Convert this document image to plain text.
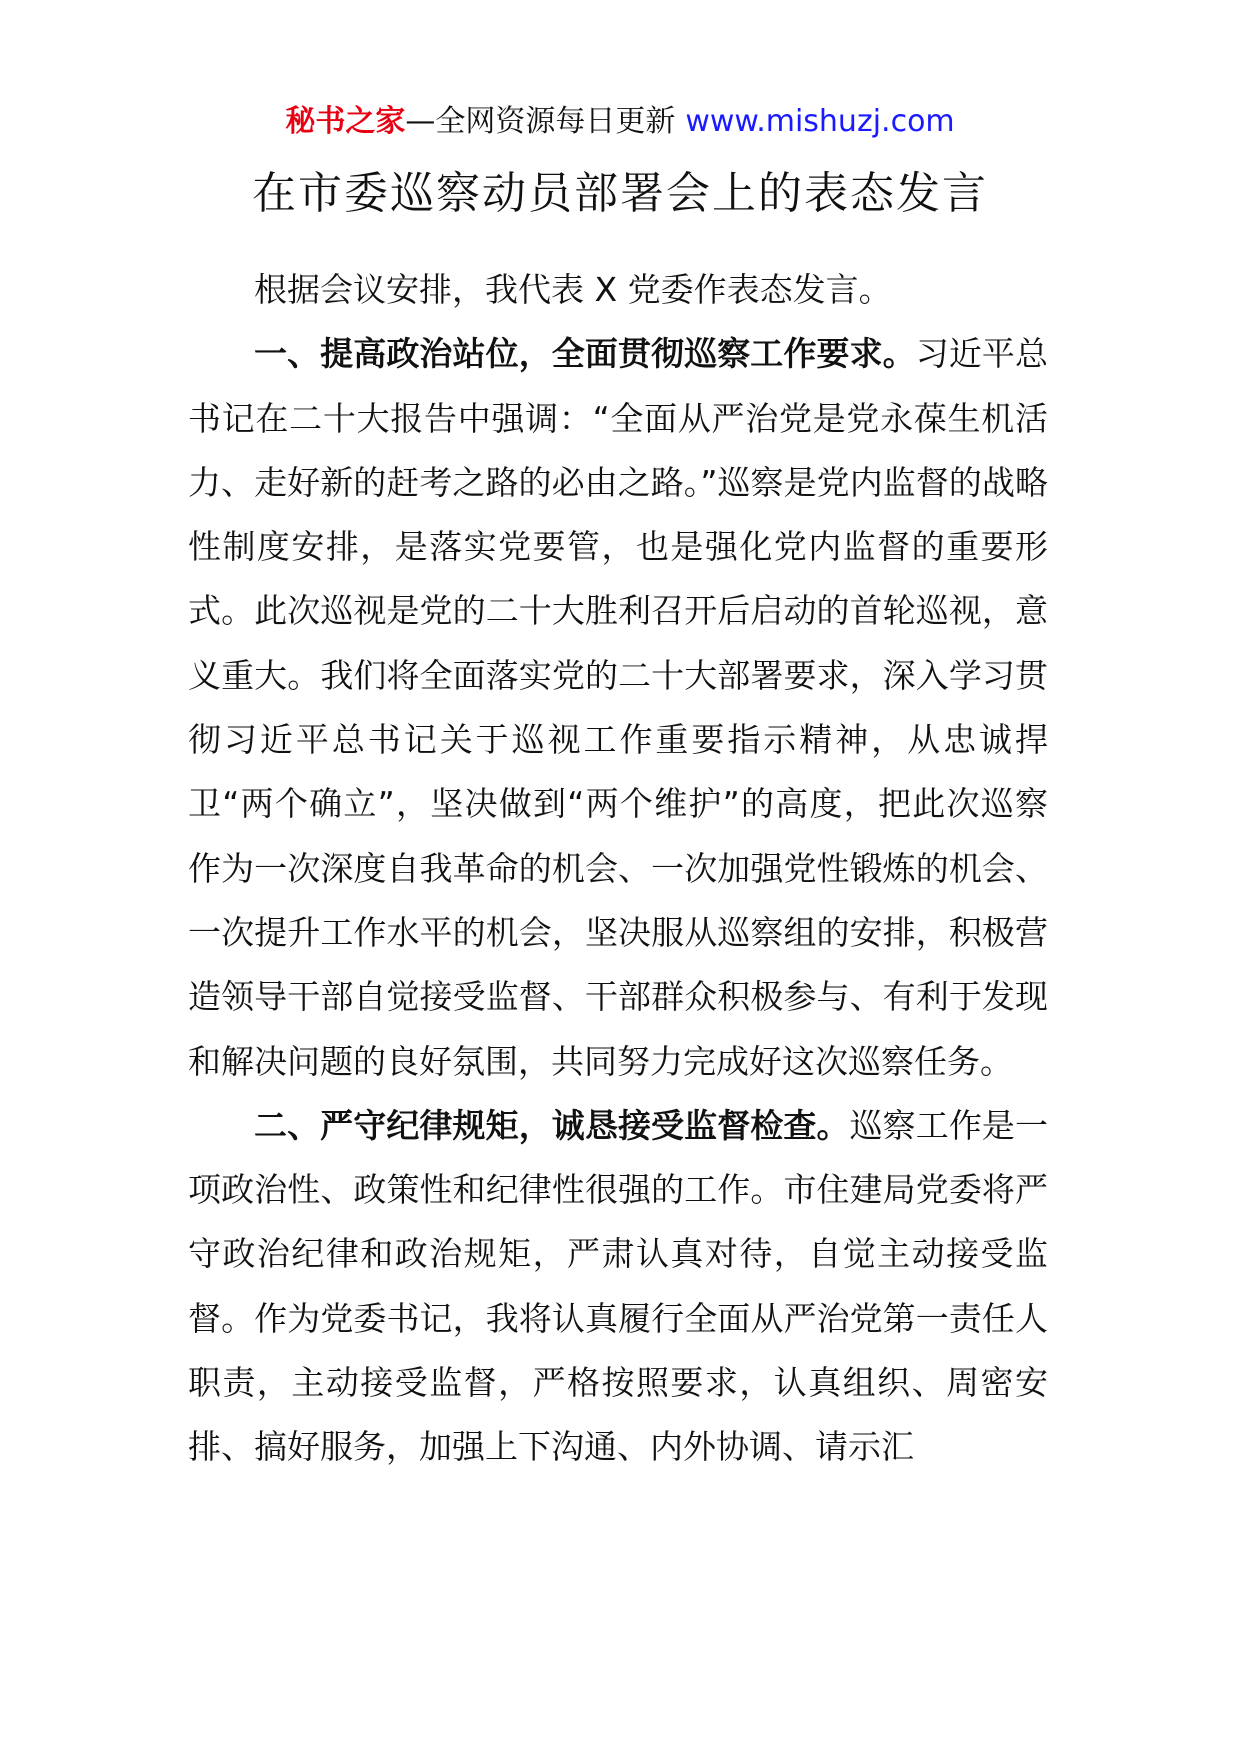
秘书之家—全网资源每日更新 www.mishuzj.com
在市委巡察动员部署会上的表态发言

根据会议安排，我代表 X 党委作表态发言。

一、提高政治站位，全面贯彻巡察工作要求。习近平总书记在二十大报告中强调：“全面从严治党是党永葆生机活力、走好新的赶考之路的必由之路。”巡察是党内监督的战略性制度安排，是落实党要管，也是强化党内监督的重要形式。此次巡视是党的二十大胜利召开后启动的首轮巡视，意义重大。我们将全面落实党的二十大部署要求，深入学习贯彻习近平总书记关于巡视工作重要指示精神，从忠诚捍卫“两个确立”，坚决做到“两个维护”的高度，把此次巡察作为一次深度自我革命的机会、一次加强党性锻炼的机会、一次提升工作水平的机会，坚决服从巡察组的安排，积极营造领导干部自觉接受监督、干部群众积极参与、有利于发现和解决问题的良好氛围，共同努力完成好这次巡察任务。

二、严守纪律规矩，诚恳接受监督检查。巡察工作是一项政治性、政策性和纪律性很强的工作。市住建局党委将严守政治纪律和政治规矩，严肃认真对待，自觉主动接受监督。作为党委书记，我将认真履行全面从严治党第一责任人职责，主动接受监督，严格按照要求，认真组织、周密安排、搞好服务，加强上下沟通、内外协调、请示汇
